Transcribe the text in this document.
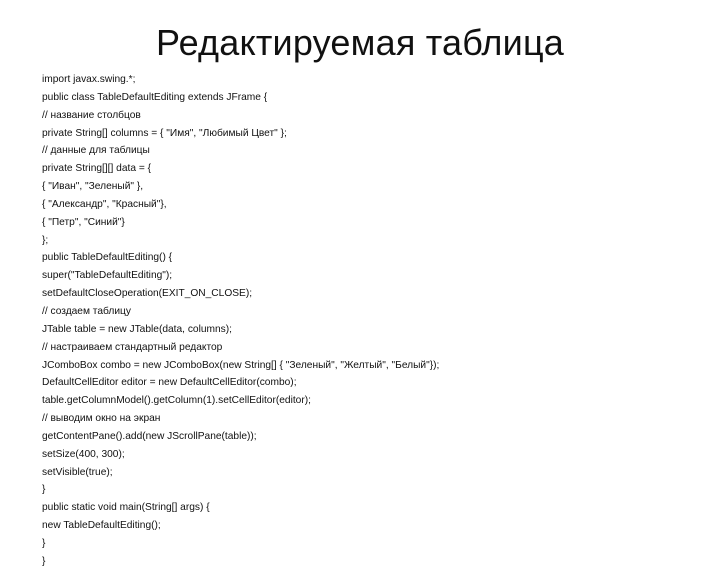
Редактируемая таблица
import javax.swing.*;
public class TableDefaultEditing extends JFrame {
// название столбцов
private String[] columns = { "Имя", "Любимый Цвет" };
// данные для таблицы
private String[][] data = {
{ "Иван", "Зеленый" },
{ "Александр", "Красный"},
{ "Петр", "Синий"}
};
public TableDefaultEditing() {
super("TableDefaultEditing");
setDefaultCloseOperation(EXIT_ON_CLOSE);
// создаем таблицу
JTable table = new JTable(data, columns);
// настраиваем стандартный редактор
JComboBox combo = new JComboBox(new String[] { "Зеленый", "Желтый", "Белый"});
DefaultCellEditor editor = new DefaultCellEditor(combo);
table.getColumnModel().getColumn(1).setCellEditor(editor);
// выводим окно на экран
getContentPane().add(new JScrollPane(table));
setSize(400, 300);
setVisible(true);
}
public static void main(String[] args) {
new TableDefaultEditing();
}
}
